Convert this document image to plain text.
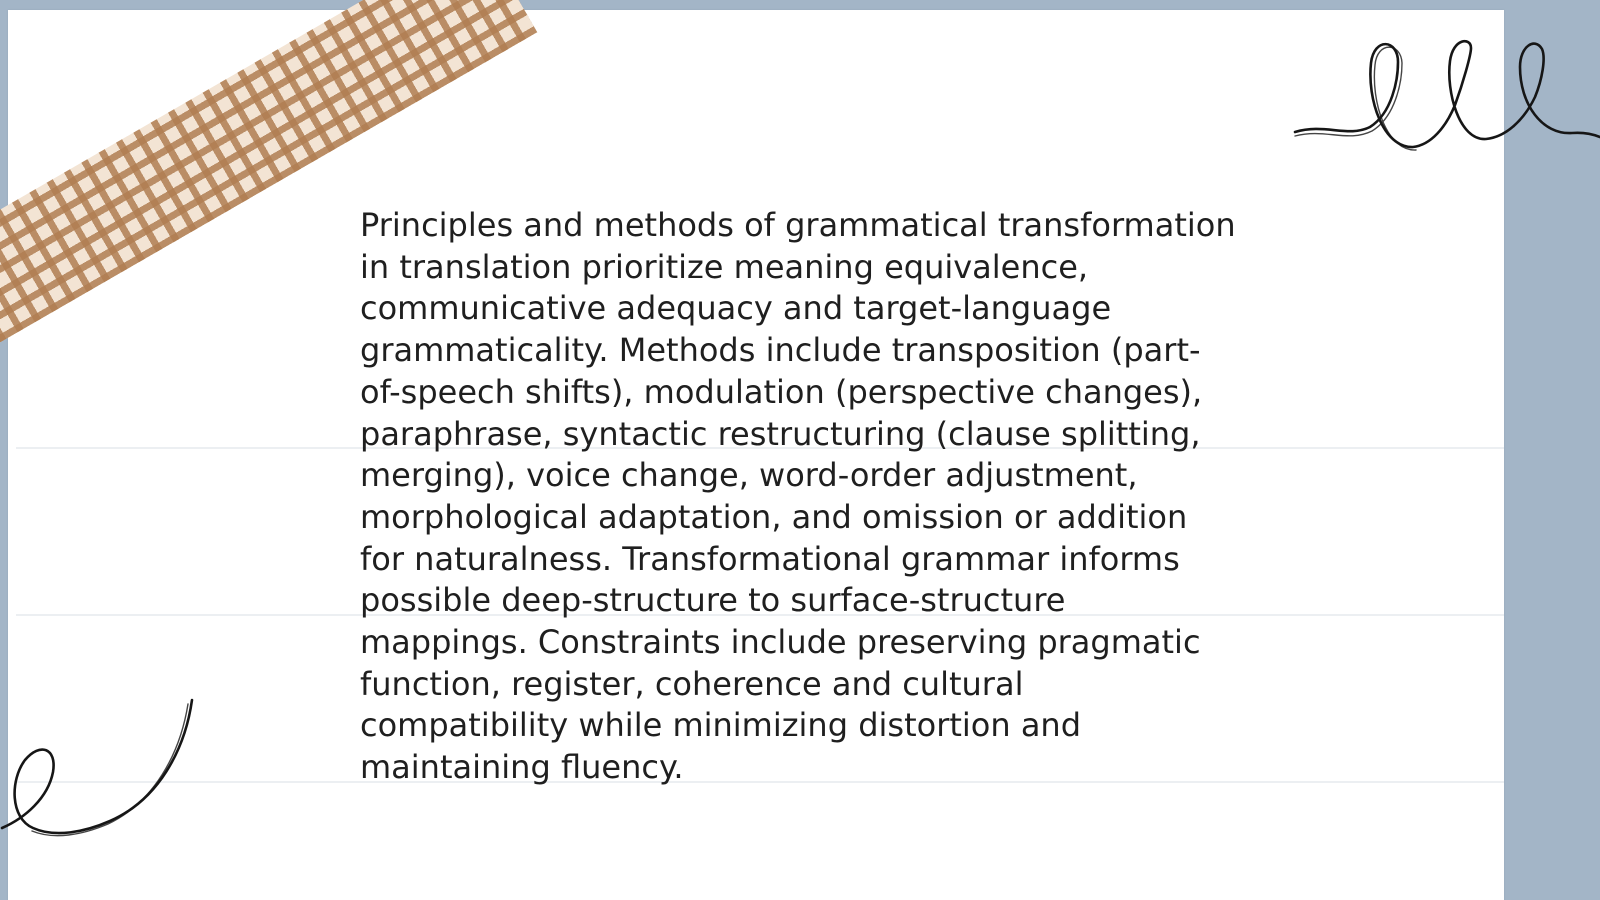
Principles and methods of grammatical transformation in translation prioritize meaning equivalence, communicative adequacy and target-language grammaticality. Methods include transposition (part-of-speech shifts), modulation (perspective changes), paraphrase, syntactic restructuring (clause splitting, merging), voice change, word-order adjustment, morphological adaptation, and omission or addition for naturalness. Transformational grammar informs possible deep-structure to surface-structure mappings. Constraints include preserving pragmatic function, register, coherence and cultural compatibility while minimizing distortion and maintaining fluency.
